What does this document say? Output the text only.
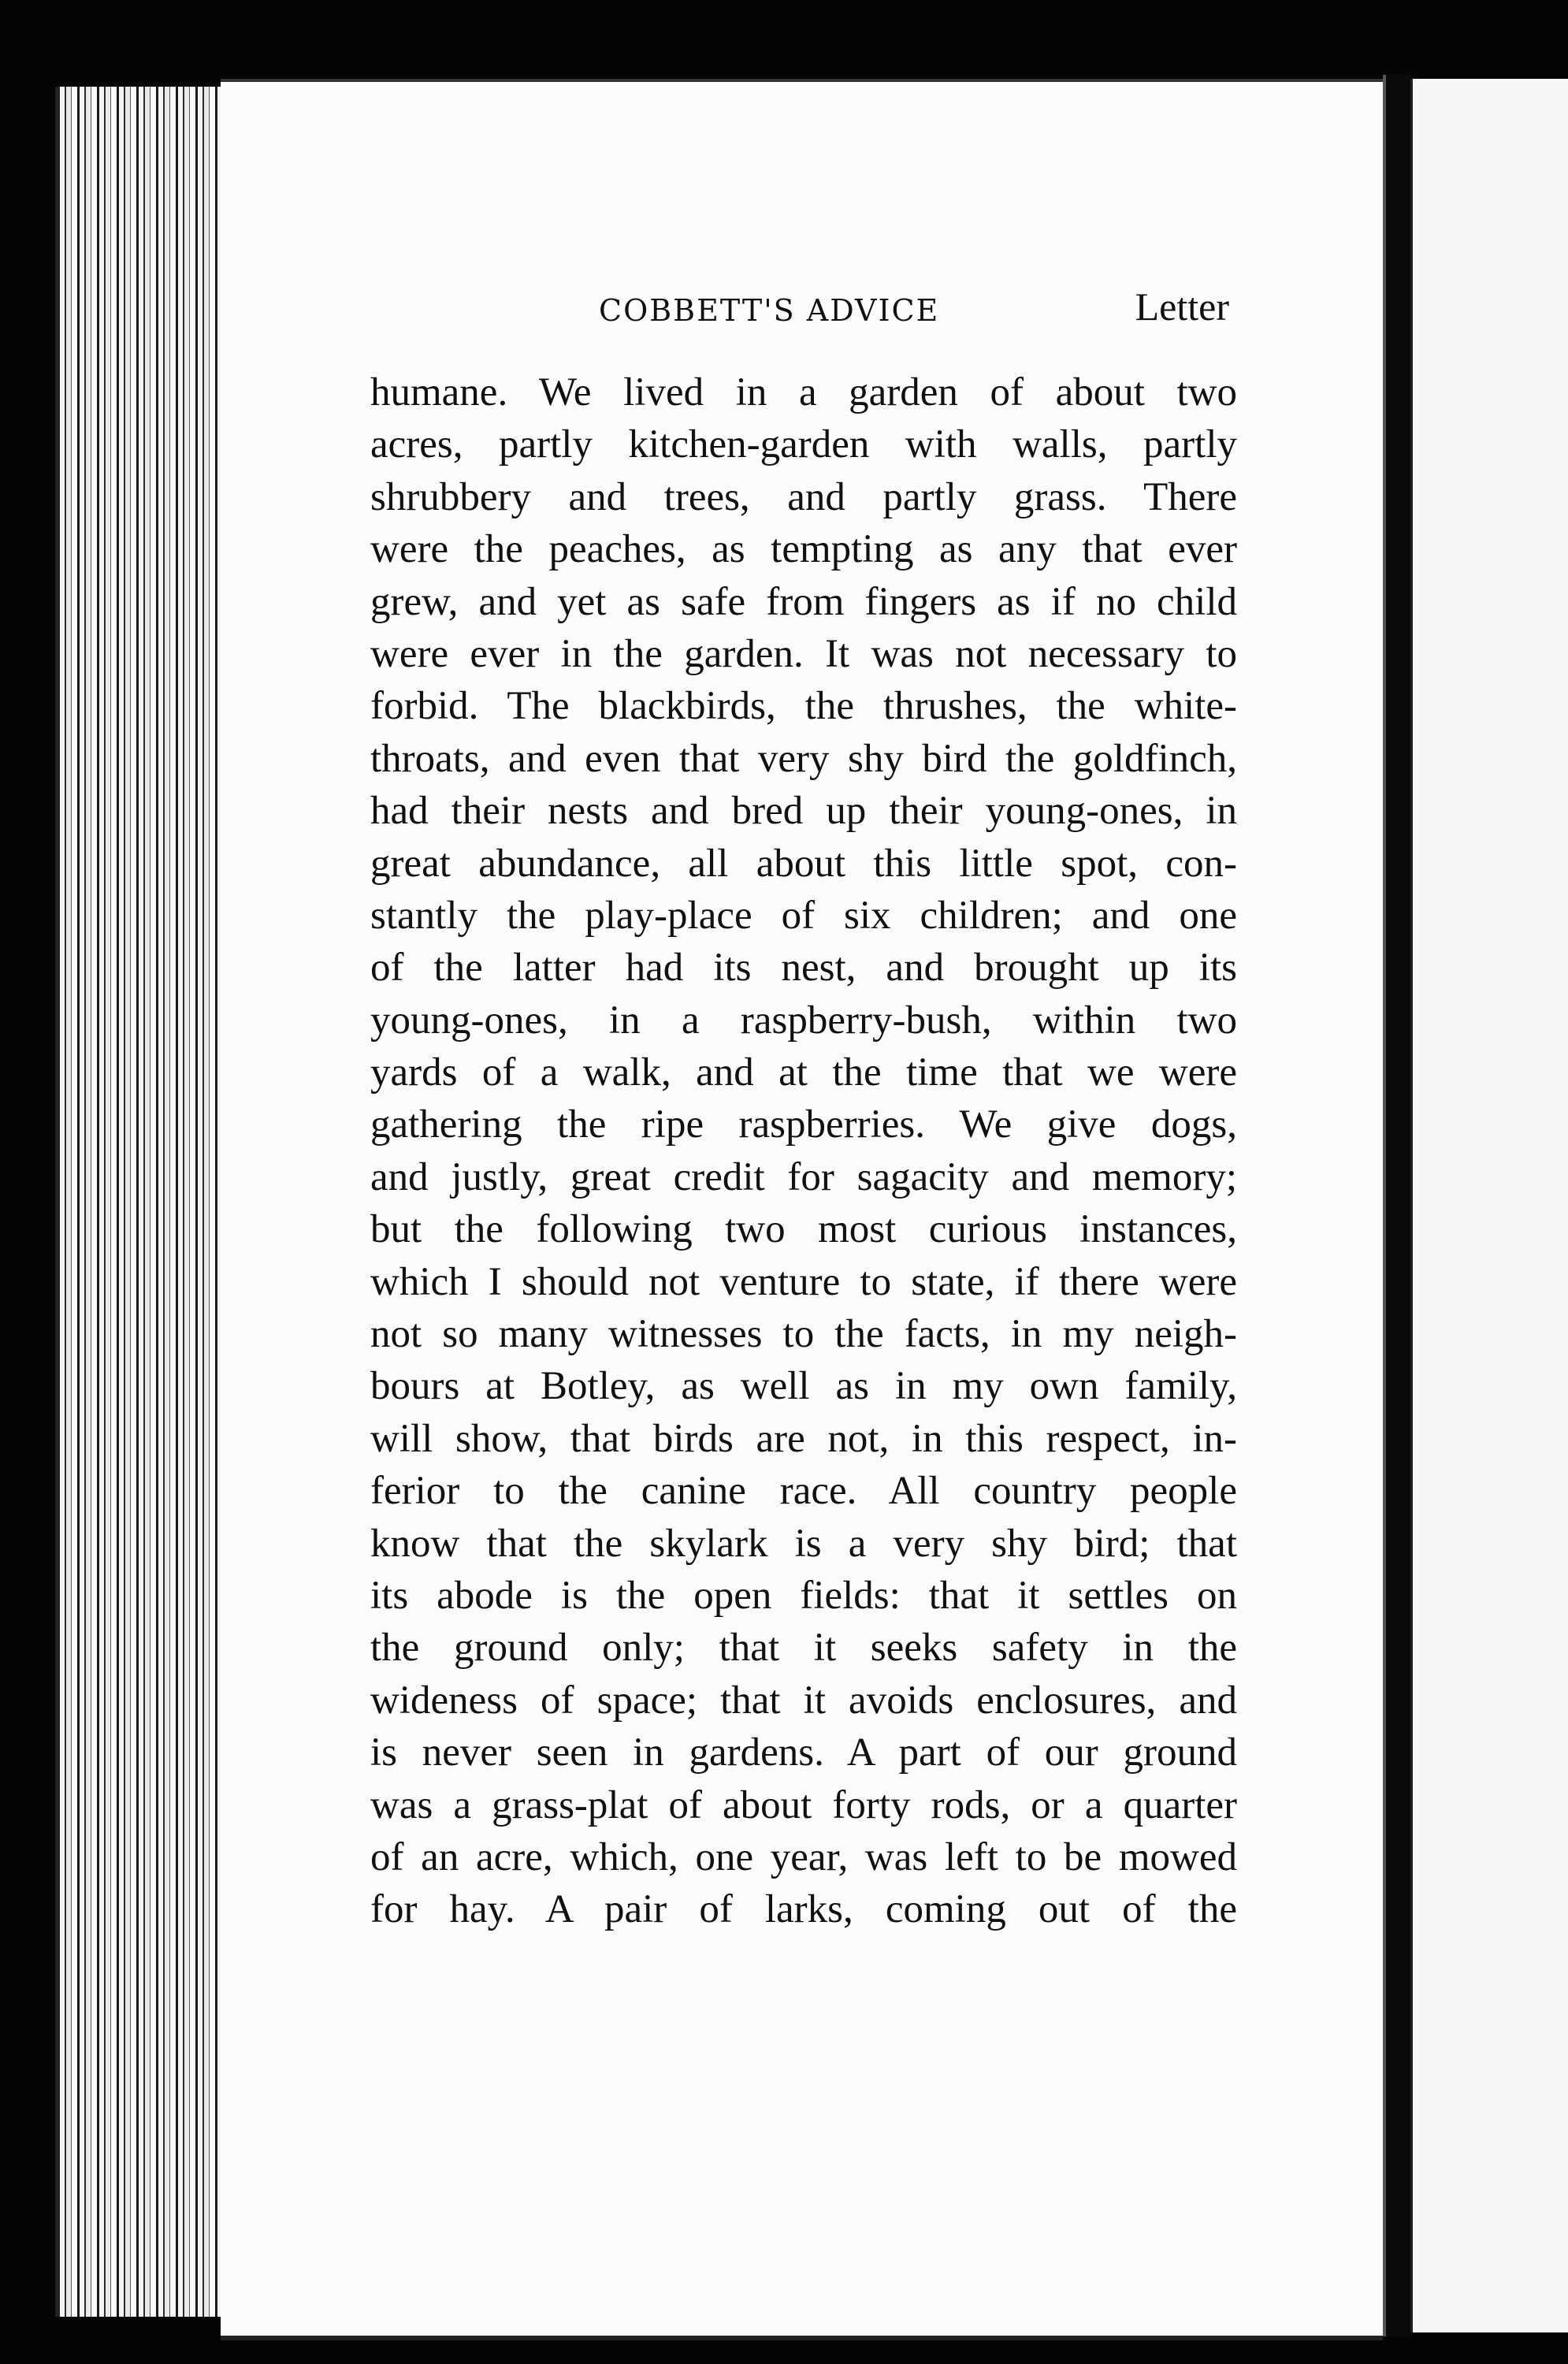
COBBETT'S ADVICE	Letter
humane. We lived in a garden of about two
acres, partly kitchen-garden with walls, partly
shrubbery and trees, and partly grass. There
were the peaches, as tempting as any that ever
grew, and yet as safe from fingers as if no child
were ever in the garden. It was not necessary to
forbid. The blackbirds, the thrushes, the white-
throats, and even that very shy bird the goldfinch,
had their nests and bred up their young-ones, in
great abundance, all about this little spot, con-
stantly the play-place of six children; and one
of the latter had its nest, and brought up its
young-ones, in a raspberry-bush, within two
yards of a walk, and at the time that we were
gathering the ripe raspberries. We give dogs,
and justly, great credit for sagacity and memory;
but the following two most curious instances,
which I should not venture to state, if there were
not so many witnesses to the facts, in my neigh-
bours at Botley, as well as in my own family,
will show, that birds are not, in this respect, in-
ferior to the canine race. All country people
know that the skylark is a very shy bird; that
its abode is the open fields: that it settles on
the ground only; that it seeks safety in the
wideness of space; that it avoids enclosures, and
is never seen in gardens. A part of our ground
was a grass-plat of about forty rods, or a quarter
of an acre, which, one year, was left to be mowed
for hay. A pair of larks, coming out of the
